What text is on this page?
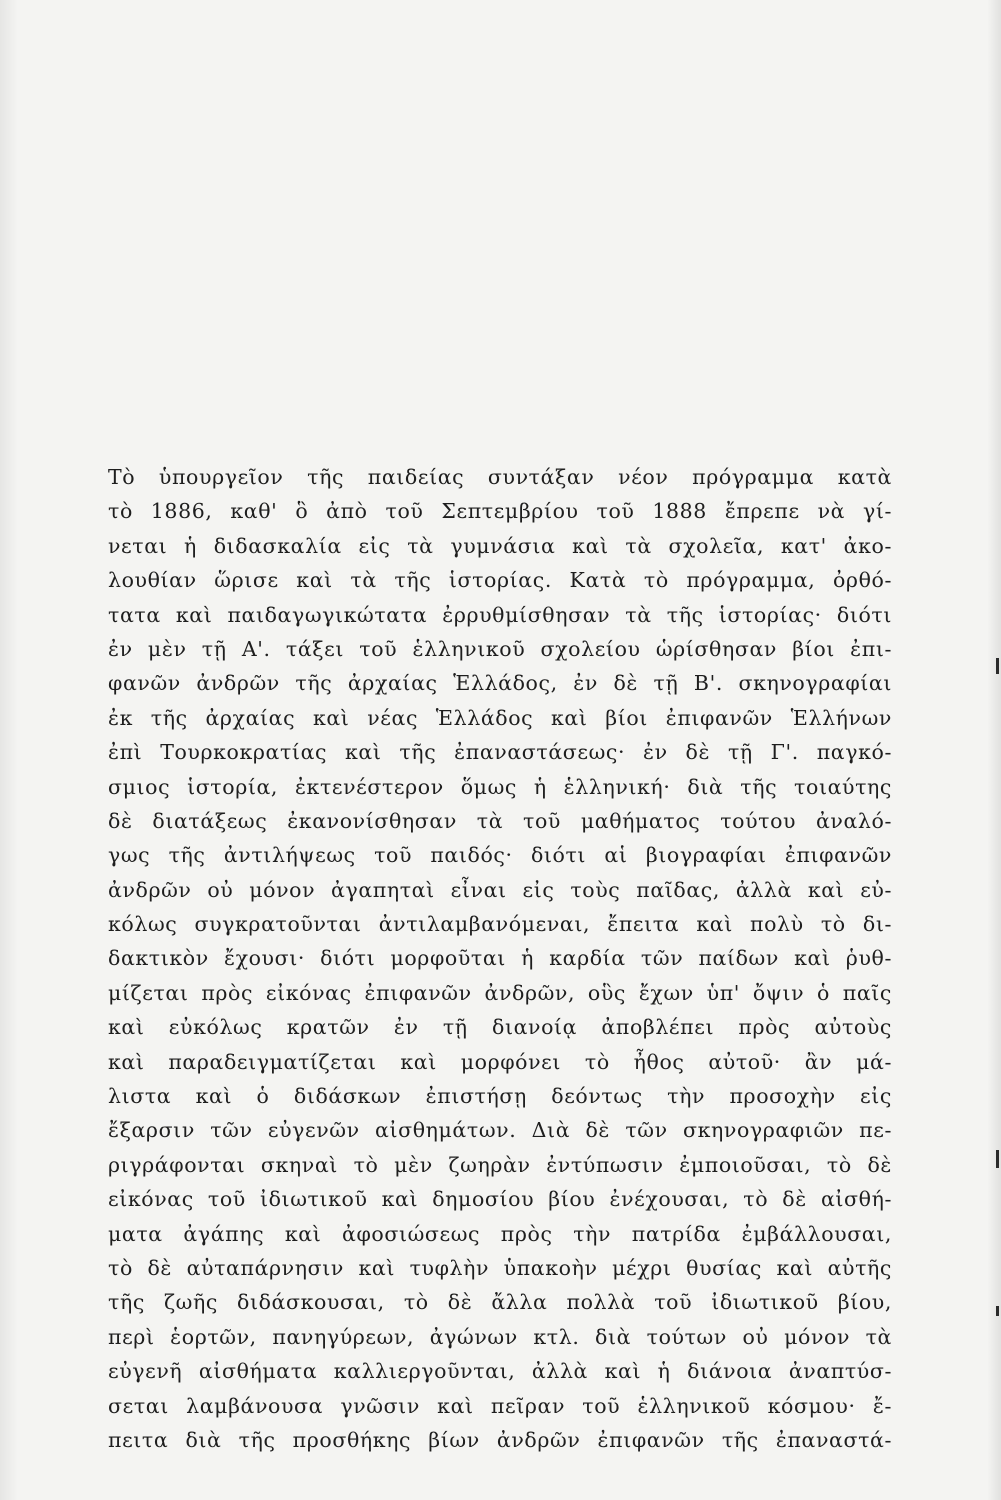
Τὸ ὑπουργεῖον τῆς παιδείας συντάξαν νέον πρόγραμμα κατὰ
τὸ 1886, καθ' ὃ ἀπὸ τοῦ Σεπτεμβρίου τοῦ 1888 ἔπρεπε νὰ γί-
νεται ἡ διδασκαλία εἰς τὰ γυμνάσια καὶ τὰ σχολεῖα, κατ' ἀκο-
λουθίαν ὥρισε καὶ τὰ τῆς ἱστορίας. Κατὰ τὸ πρόγραμμα, ὀρθό-
τατα καὶ παιδαγωγικώτατα ἐρρυθμίσθησαν τὰ τῆς ἱστορίας· διότι
ἐν μὲν τῇ Α'. τάξει τοῦ ἑλληνικοῦ σχολείου ὡρίσθησαν βίοι ἐπι-
φανῶν ἀνδρῶν τῆς ἀρχαίας Ἑλλάδος, ἐν δὲ τῇ Β'. σκηνογραφίαι
ἐκ τῆς ἀρχαίας καὶ νέας Ἑλλάδος καὶ βίοι ἐπιφανῶν Ἑλλήνων
ἐπὶ Τουρκοκρατίας καὶ τῆς ἐπαναστάσεως· ἐν δὲ τῇ Γ'. παγκό-
σμιος ἱστορία, ἐκτενέστερον ὅμως ἡ ἑλληνική· διὰ τῆς τοιαύτης
δὲ διατάξεως ἐκανονίσθησαν τὰ τοῦ μαθήματος τούτου ἀναλό-
γως τῆς ἀντιλήψεως τοῦ παιδός· διότι αἱ βιογραφίαι ἐπιφανῶν
ἀνδρῶν οὐ μόνον ἀγαπηταὶ εἶναι εἰς τοὺς παῖδας, ἀλλὰ καὶ εὐ-
κόλως συγκρατοῦνται ἀντιλαμβανόμεναι, ἔπειτα καὶ πολὺ τὸ δι-
δακτικὸν ἔχουσι· διότι μορφοῦται ἡ καρδία τῶν παίδων καὶ ῥυθ-
μίζεται πρὸς εἰκόνας ἐπιφανῶν ἀνδρῶν, οὓς ἔχων ὑπ' ὄψιν ὁ παῖς
καὶ εὐκόλως κρατῶν ἐν τῇ διανοίᾳ ἀποβλέπει πρὸς αὐτοὺς
καὶ παραδειγματίζεται καὶ μορφόνει τὸ ἦθος αὐτοῦ· ἂν μά-
λιστα καὶ ὁ διδάσκων ἐπιστήσῃ δεόντως τὴν προσοχὴν εἰς
ἔξαρσιν τῶν εὐγενῶν αἰσθημάτων. Διὰ δὲ τῶν σκηνογραφιῶν πε-
ριγράφονται σκηναὶ τὸ μὲν ζωηρὰν ἐντύπωσιν ἐμποιοῦσαι, τὸ δὲ
εἰκόνας τοῦ ἰδιωτικοῦ καὶ δημοσίου βίου ἐνέχουσαι, τὸ δὲ αἰσθή-
ματα ἀγάπης καὶ ἀφοσιώσεως πρὸς τὴν πατρίδα ἐμβάλλουσαι,
τὸ δὲ αὐταπάρνησιν καὶ τυφλὴν ὑπακοὴν μέχρι θυσίας καὶ αὐτῆς
τῆς ζωῆς διδάσκουσαι, τὸ δὲ ἄλλα πολλὰ τοῦ ἰδιωτικοῦ βίου,
περὶ ἑορτῶν, πανηγύρεων, ἀγώνων κτλ. διὰ τούτων οὐ μόνον τὰ
εὐγενῆ αἰσθήματα καλλιεργοῦνται, ἀλλὰ καὶ ἡ διάνοια ἀναπτύσ-
σεται λαμβάνουσα γνῶσιν καὶ πεῖραν τοῦ ἑλληνικοῦ κόσμου· ἔ-
πειτα διὰ τῆς προσθήκης βίων ἀνδρῶν ἐπιφανῶν τῆς ἐπαναστά-
